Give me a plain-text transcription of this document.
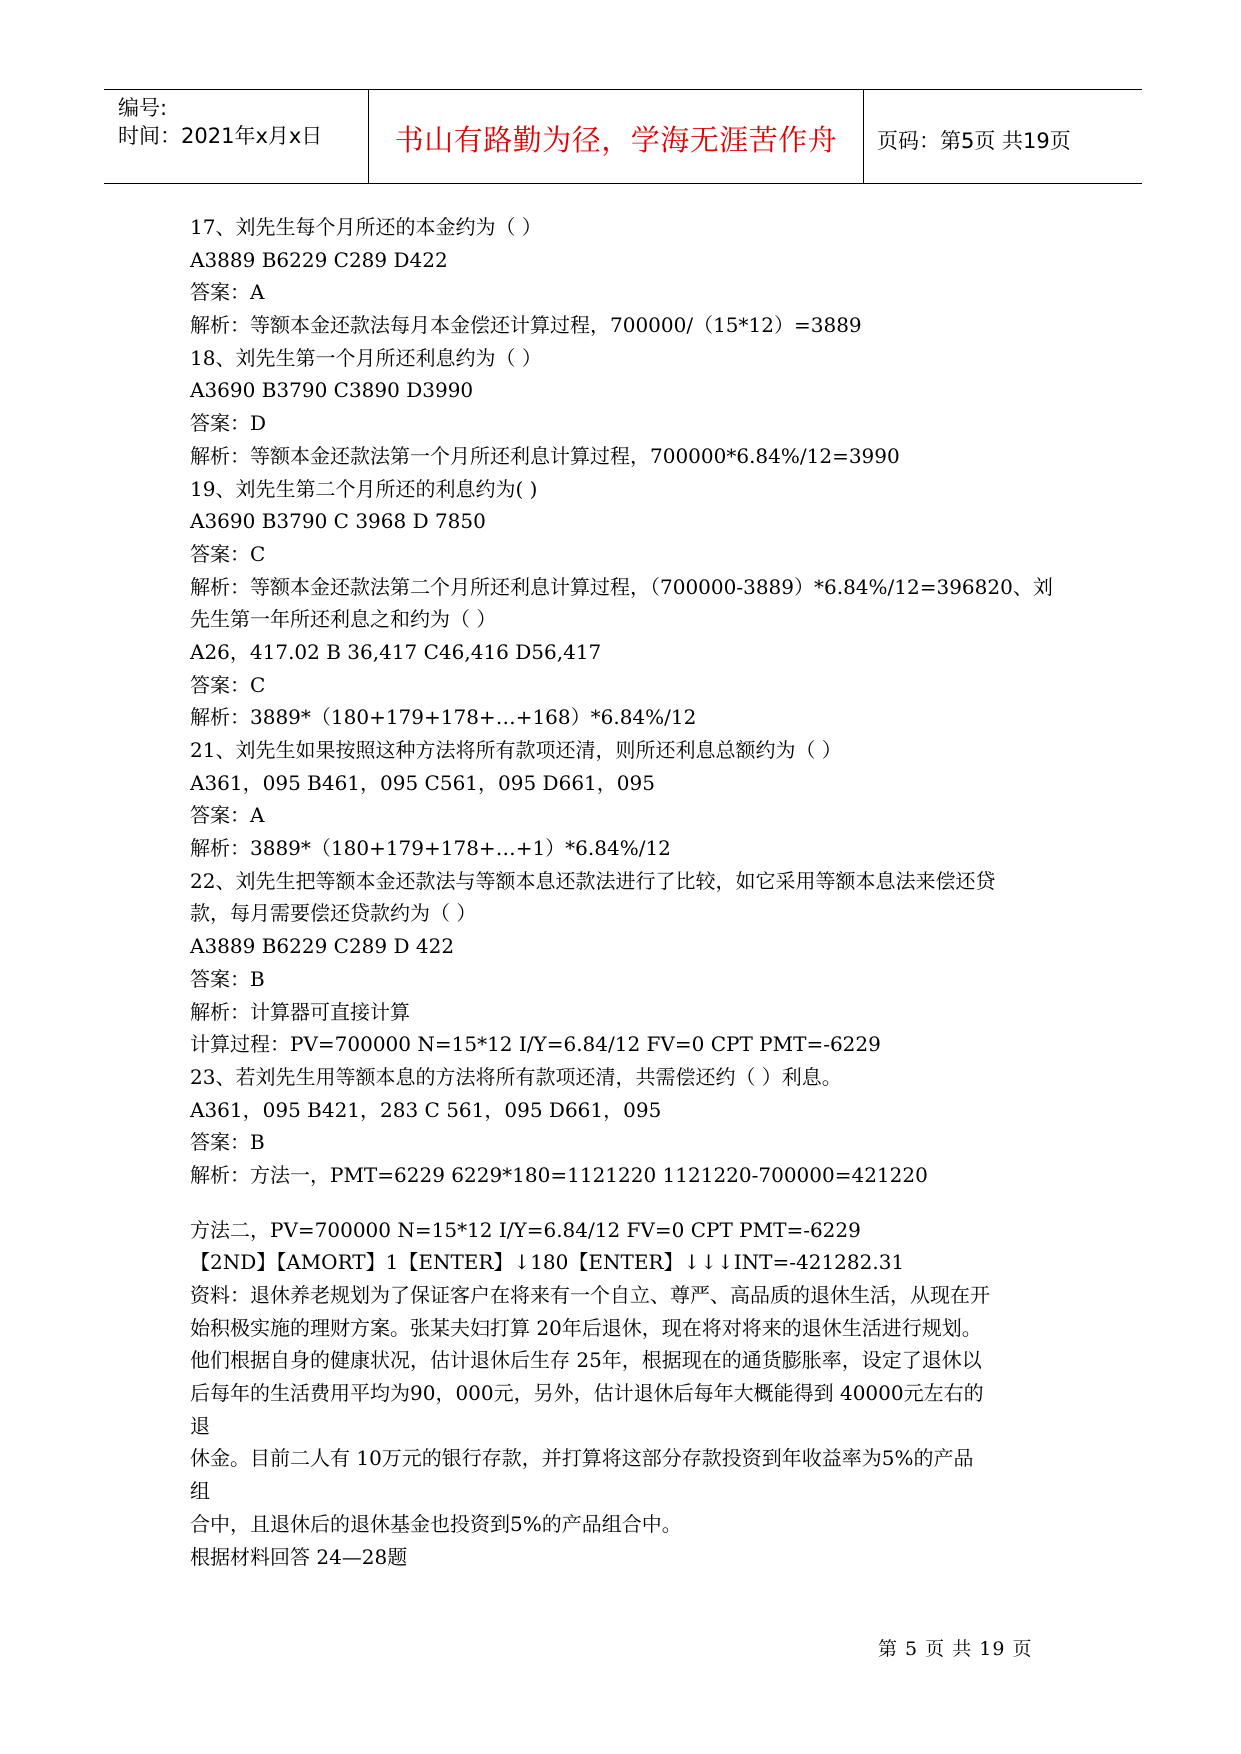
编号:
时间：2021年x月x日	书山有路勤为径，学海无涯苦作舟	页码：第5页 共19页
17、刘先生每个月所还的本金约为（ ）
A3889 B6229 C289 D422
答案：A
解析：等额本金还款法每月本金偿还计算过程，700000/（15*12）=3889
18、刘先生第一个月所还利息约为（ ）
A3690 B3790 C3890 D3990
答案：D
解析：等额本金还款法第一个月所还利息计算过程，700000*6.84%/12=3990
19、刘先生第二个月所还的利息约为( )
A3690 B3790 C 3968 D 7850
答案：C
解析：等额本金还款法第二个月所还利息计算过程，（700000-3889）*6.84%/12=396820、刘
先生第一年所还利息之和约为（ ）
A26，417.02 B 36,417 C46,416 D56,417
答案：C
解析：3889*（180+179+178+…+168）*6.84%/12
21、刘先生如果按照这种方法将所有款项还清，则所还利息总额约为（ ）
A361，095 B461，095 C561，095 D661，095
答案：A
解析：3889*（180+179+178+…+1）*6.84%/12
22、刘先生把等额本金还款法与等额本息还款法进行了比较，如它采用等额本息法来偿还贷
款，每月需要偿还贷款约为（ ）
A3889 B6229 C289 D 422
答案：B
解析：计算器可直接计算
计算过程：PV=700000 N=15*12 I/Y=6.84/12 FV=0 CPT PMT=-6229
23、若刘先生用等额本息的方法将所有款项还清，共需偿还约（ ）利息。
A361，095 B421，283 C 561，095 D661，095
答案：B
解析：方法一，PMT=6229 6229*180=1121220 1121220-700000=421220
方法二，PV=700000 N=15*12 I/Y=6.84/12 FV=0 CPT PMT=-6229
【2ND】【AMORT】1【ENTER】↓180【ENTER】↓↓↓INT=-421282.31
资料：退休养老规划为了保证客户在将来有一个自立、尊严、高品质的退休生活，从现在开
始积极实施的理财方案。张某夫妇打算 20年后退休，现在将对将来的退休生活进行规划。
他们根据自身的健康状况，估计退休后生存 25年，根据现在的通货膨胀率，设定了退休以
后每年的生活费用平均为90，000元，另外，估计退休后每年大概能得到 40000元左右的
退
休金。目前二人有 10万元的银行存款，并打算将这部分存款投资到年收益率为5%的产品
组
合中，且退休后的退休基金也投资到5%的产品组合中。
根据材料回答 24—28题
第 5 页 共 19 页
